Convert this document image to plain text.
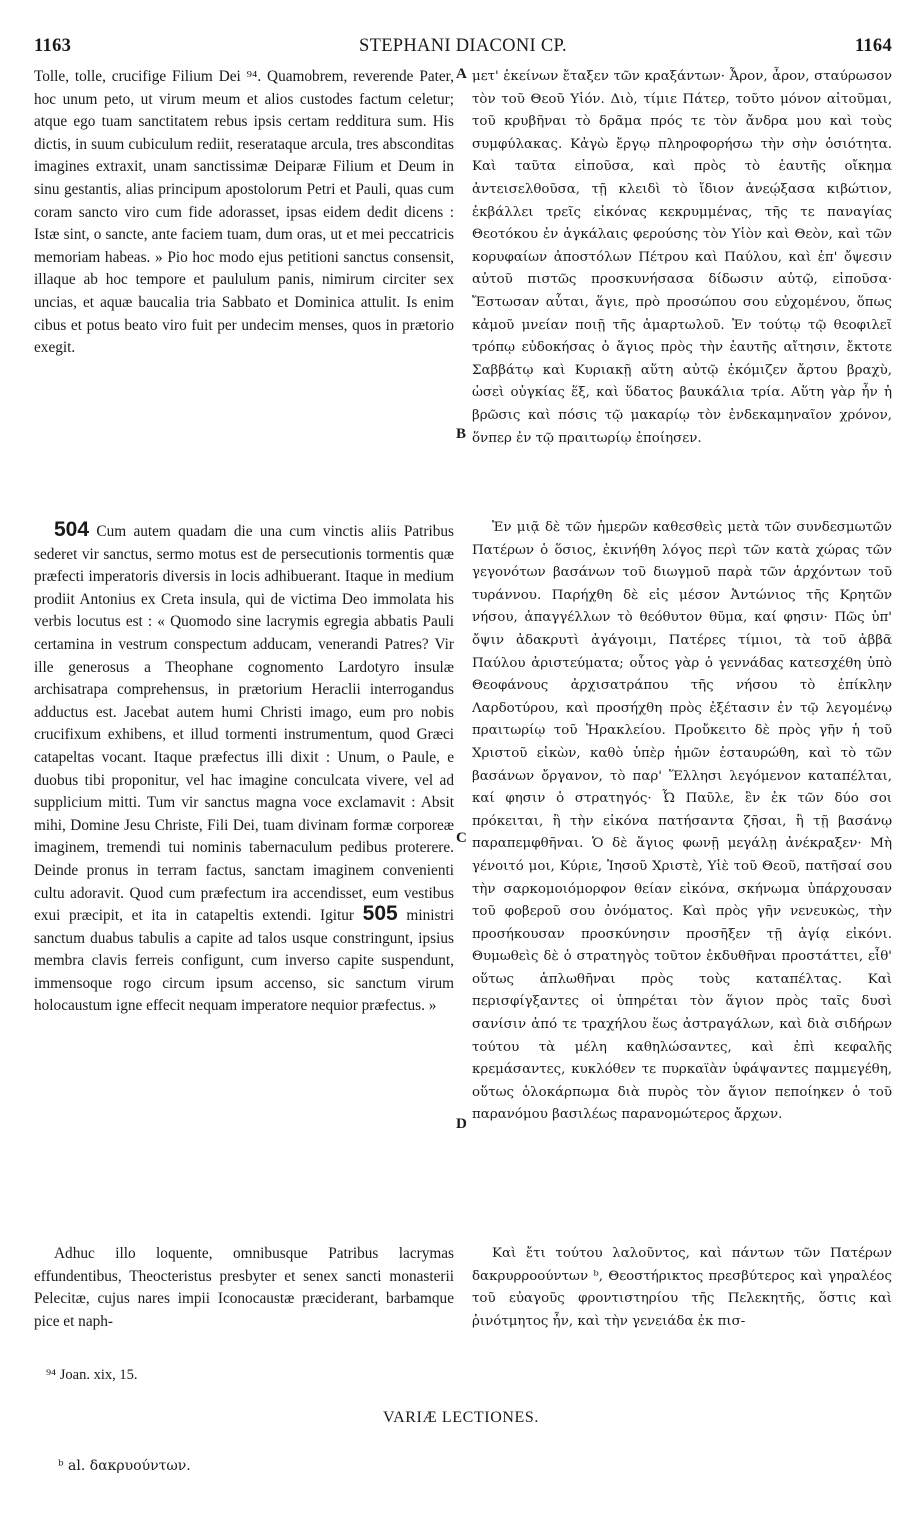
1163	STEPHANI DIACONI CP.	1164

Tolle, tolle, crucifige Filium Dei ⁹⁴. Quamobrem, reverende Pater, hoc unum peto, ut virum meum et alios custodes factum celetur; atque ego tuam sanctitatem rebus ipsis certam redditura sum. His dictis, in suum cubiculum rediit, reserataque arcula, tres absconditas imagines extraxit, unam sanctissimæ Deiparæ Filium et Deum in sinu gestantis, alias principum apostolorum Petri et Pauli, quas cum coram sancto viro cum fide adorasset, ipsas eidem dedit dicens : Istæ sint, o sancte, ante faciem tuam, dum oras, ut et mei peccatricis memoriam habeas. » Pio hoc modo ejus petitioni sanctus consensit, illaque ab hoc tempore et paululum panis, nimirum circiter sex uncias, et aquæ baucalia tria Sabbato et Dominica attulit. Is enim cibus et potus beato viro fuit per undecim menses, quos in prætorio exegit.

504 Cum autem quadam die una cum vinctis aliis Patribus sederet vir sanctus, sermo motus est de persecutionis tormentis quæ præfecti imperatoris diversis in locis adhibuerant. Itaque in medium prodiit Antonius ex Creta insula, qui de victima Deo immolata his verbis locutus est : « Quomodo sine lacrymis egregia abbatis Pauli certamina in vestrum conspectum adducam, venerandi Patres? Vir ille generosus a Theophane cognomento Lardotyro insulæ archisatrapa comprehensus, in prætorium Heraclii interrogandus adductus est. Jacebat autem humi Christi imago, eum pro nobis crucifixum exhibens, et illud tormenti instrumentum, quod Græci catapeltas vocant. Itaque præfectus illi dixit : Unum, o Paule, e duobus tibi proponitur, vel hac imagine conculcata vivere, vel ad supplicium mitti. Tum vir sanctus magna voce exclamavit : Absit mihi, Domine Jesu Christe, Fili Dei, tuam divinam formæ corporeæ imaginem, tremendi tui nominis tabernaculum pedibus proterere. Deinde pronus in terram factus, sanctam imaginem convenienti cultu adoravit. Quod cum præfectum ira accendisset, eum vestibus exui præcipit, et ita in catapeltis extendi. Igitur 505 ministri sanctum duabus tabulis a capite ad talos usque constringunt, ipsius membra clavis ferreis configunt, cum inverso capite suspendunt, immensoque rogo circum ipsum accenso, sic sanctum virum holocaustum igne effecit nequam imperatore nequior præfectus. »

Adhuc illo loquente, omnibusque Patribus lacrymas effundentibus, Theocteristus presbyter et senex sancti monasterii Pelecitæ, cujus nares impii Iconocaustæ præciderant, barbamque pice et naph-

A
B
C
D

μετ' ἐκείνων ἔταξεν τῶν κραξάντων· Ἆρον, ἆρον, σταύρωσον τὸν τοῦ Θεοῦ Υἱόν. Διὸ, τίμιε Πάτερ, τοῦτο μόνον αἰτοῦμαι, τοῦ κρυβῆναι τὸ δρᾶμα πρός τε τὸν ἄνδρα μου καὶ τοὺς συμφύλακας. Κἀγὼ ἔργῳ πληροφορήσω τὴν σὴν ὁσιότητα. Καὶ ταῦτα εἰποῦσα, καὶ πρὸς τὸ ἑαυτῆς οἴκημα ἀντεισελθοῦσα, τῇ κλειδὶ τὸ ἴδιον ἀνεῴξασα κιβώτιον, ἐκβάλλει τρεῖς εἰκόνας κεκρυμμένας, τῆς τε παναγίας Θεοτόκου ἐν ἀγκάλαις φερούσης τὸν Υἱὸν καὶ Θεὸν, καὶ τῶν κορυφαίων ἀποστόλων Πέτρου καὶ Παύλου, καὶ ἐπ' ὄψεσιν αὐτοῦ πιστῶς προσκυνήσασα δίδωσιν αὐτῷ, εἰποῦσα· Ἔστωσαν αὗται, ἅγιε, πρὸ προσώπου σου εὐχομένου, ὅπως κἀμοῦ μνείαν ποιῇ τῆς ἁμαρτωλοῦ. Ἐν τούτῳ τῷ θεοφιλεῖ τρόπῳ εὐδοκήσας ὁ ἅγιος πρὸς τὴν ἑαυτῆς αἴτησιν, ἔκτοτε Σαββάτῳ καὶ Κυριακῇ αὕτη αὐτῷ ἐκόμιζεν ἄρτου βραχὺ, ὡσεὶ οὐγκίας ἕξ, καὶ ὕδατος βαυκάλια τρία. Αὕτη γὰρ ἦν ἡ βρῶσις καὶ πόσις τῷ μακαρίῳ τὸν ἑνδεκαμηναῖον χρόνον, ὅνπερ ἐν τῷ πραιτωρίῳ ἐποίησεν.

Ἐν μιᾷ δὲ τῶν ἡμερῶν καθεσθεὶς μετὰ τῶν συνδεσμωτῶν Πατέρων ὁ ὅσιος, ἐκινήθη λόγος περὶ τῶν κατὰ χώρας τῶν γεγονότων βασάνων τοῦ διωγμοῦ παρὰ τῶν ἀρχόντων τοῦ τυράννου. Παρήχθη δὲ εἰς μέσον Ἀντώνιος τῆς Κρητῶν νήσου, ἀπαγγέλλων τὸ θεόθυτον θῦμα, καί φησιν· Πῶς ὑπ' ὄψιν ἀδακρυτὶ ἀγάγοιμι, Πατέρες τίμιοι, τὰ τοῦ ἀββᾶ Παύλου ἀριστεύματα; οὗτος γὰρ ὁ γεννάδας κατεσχέθη ὑπὸ Θεοφάνους ἀρχισατράπου τῆς νήσου τὸ ἐπίκλην Λαρδοτύρου, καὶ προσήχθη πρὸς ἐξέτασιν ἐν τῷ λεγομένῳ πραιτωρίῳ τοῦ Ἡρακλείου. Προὔκειτο δὲ πρὸς γῆν ἡ τοῦ Χριστοῦ εἰκὼν, καθὸ ὑπὲρ ἡμῶν ἐσταυρώθη, καὶ τὸ τῶν βασάνων ὄργανον, τὸ παρ' Ἕλλησι λεγόμενον καταπέλται, καί φησιν ὁ στρατηγός· Ὦ Παῦλε, ἓν ἐκ τῶν δύο σοι πρόκειται, ἢ τὴν εἰκόνα πατήσαντα ζῆσαι, ἢ τῇ βασάνῳ παραπεμφθῆναι. Ὁ δὲ ἅγιος φωνῇ μεγάλῃ ἀνέκραξεν· Μὴ γένοιτό μοι, Κύριε, Ἰησοῦ Χριστὲ, Υἱὲ τοῦ Θεοῦ, πατῆσαί σου τὴν σαρκομοιόμορφον θείαν εἰκόνα, σκήνωμα ὑπάρχουσαν τοῦ φοβεροῦ σου ὀνόματος. Καὶ πρὸς γῆν νενευκὼς, τὴν προσήκουσαν προσκύνησιν προσῆξεν τῇ ἁγίᾳ εἰκόνι. Θυμωθεὶς δὲ ὁ στρατηγὸς τοῦτον ἐκδυθῆναι προστάττει, εἶθ' οὕτως ἁπλωθῆναι πρὸς τοὺς καταπέλτας. Καὶ περισφίγξαντες οἱ ὑπηρέται τὸν ἅγιον πρὸς ταῖς δυσὶ σανίσιν ἀπό τε τραχήλου ἕως ἀστραγάλων, καὶ διὰ σιδήρων τούτου τὰ μέλη καθηλώσαντες, καὶ ἐπὶ κεφαλῆς κρεμάσαντες, κυκλόθεν τε πυρκαϊὰν ὑφάψαντες παμμεγέθη, οὕτως ὁλοκάρπωμα διὰ πυρὸς τὸν ἅγιον πεποίηκεν ὁ τοῦ παρανόμου βασιλέως παρανομώτερος ἄρχων.

Καὶ ἔτι τούτου λαλοῦντος, καὶ πάντων τῶν Πατέρων δακρυρροούντων ᵇ, Θεοστήρικτος πρεσβύτερος καὶ γηραλέος τοῦ εὐαγοῦς φροντιστηρίου τῆς Πελεκητῆς, ὅστις καὶ ῥινότμητος ἦν, καὶ τὴν γενειάδα ἐκ πισ-

⁹⁴ Joan. xix, 15.
VARIÆ LECTIONES.
ᵇ al. δακρυούντων.
